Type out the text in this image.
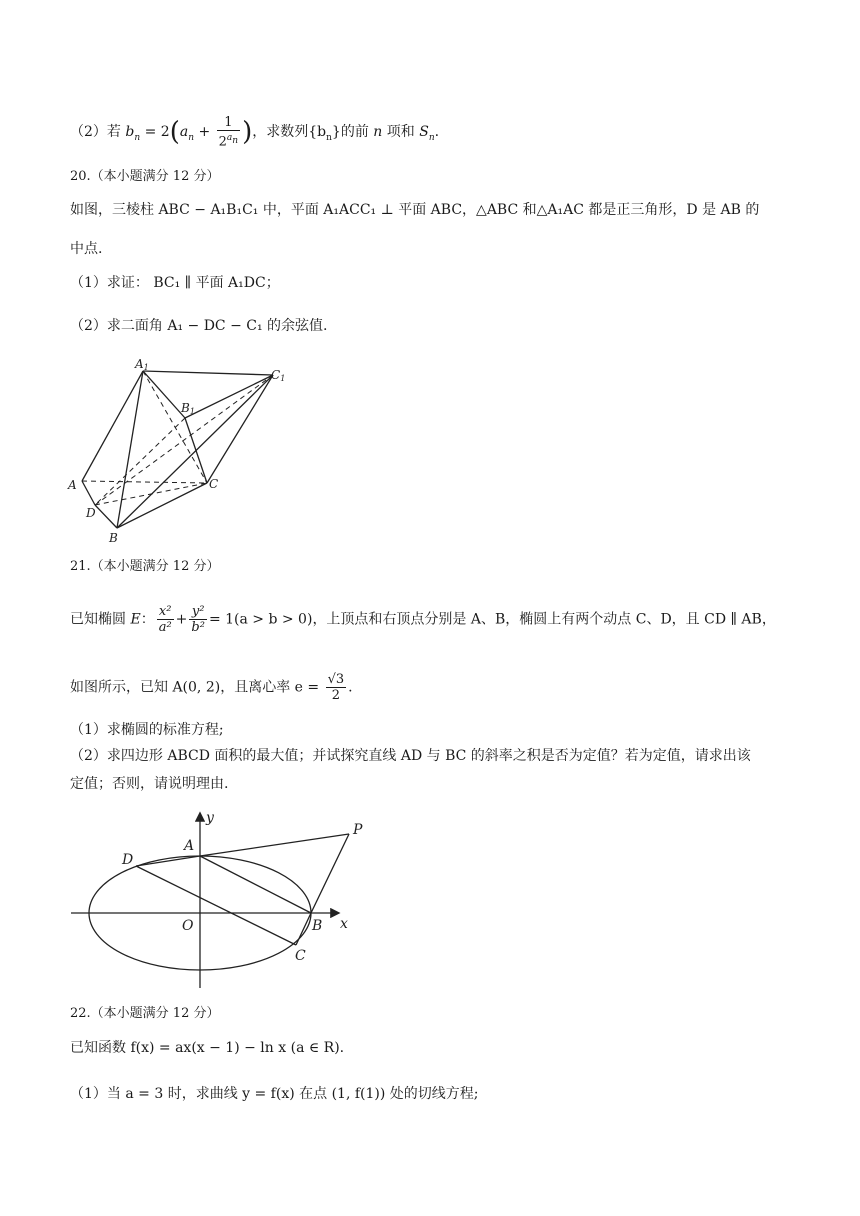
（2）若 $b_n = 2(a_n + \frac{1}{2^{a_n}}$ )，求数列$\{b_n\}$的前 n 项和 $S_n$.
20.（本小题满分 12 分）
如图，三棱柱 ABC − A₁B₁C₁ 中，平面 A₁ACC₁ ⊥ 平面 ABC，△ABC 和△A₁AC 都是正三角形，D 是 AB 的
中点.
（1）求证： BC₁ ∥ 平面 A₁DC；
（2）求二面角 A₁ − DC − C₁ 的余弦值.
A1
C1
B1
A	C
D
B
21.（本小题满分 12 分）
已知椭圆 E： $\frac{\text{x²}}{\text{a²}} + \frac{\text{y²}}{\text{b²}} = 1(a > b > 0)$，上顶点和右顶点分别是 A、B，椭圆上有两个动点 C、D，且 CD ∥ AB，
如图所示，已知 A(0, 2)，且离心率 $e = \frac{√3}{2}$ .
（1）求椭圆的标准方程;
（2）求四边形 ABCD 面积的最大值；并试探究直线 AD 与 BC 的斜率之积是否为定值？若为定值，请求出该
定值；否则，请说明理由.
y
A
P
D
O	B x
C
22.（本小题满分 12 分）
已知函数 f(x) = ax(x − 1) − ln x (a ∈ R).
（1）当 a = 3 时，求曲线 y = f(x) 在点 (1, f(1)) 处的切线方程;
